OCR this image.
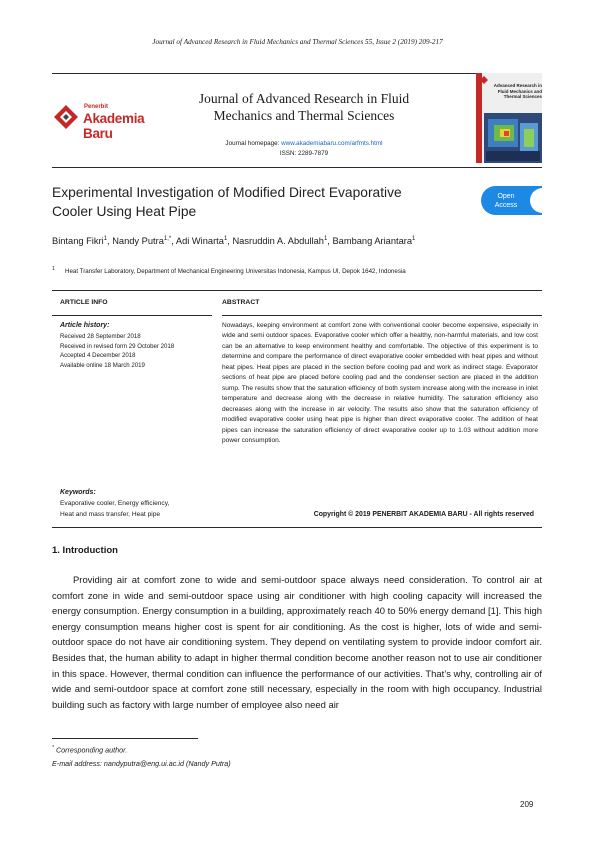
Journal of Advanced Research in Fluid Mechanics and Thermal Sciences 55, Issue 2 (2019) 209-217
Penerbit
Akademia Baru
Journal of Advanced Research in Fluid
Mechanics and Thermal Sciences
Journal homepage: www.akademiabaru.com/arfmts.html
ISSN: 2289-7879
Advanced Research in Fluid Mechanics and Thermal Sciences
Experimental Investigation of Modified Direct Evaporative
Cooler Using Heat Pipe
Open
Access
Bintang Fikri$^1$, Nandy Putra$^{1,*}$, Adi Winarta$^1$, Nasruddin A. Abdullah$^1$, Bambang Ariantara$^1$
$^1$ Heat Transfer Laboratory, Department of Mechanical Engineering Universitas Indonesia, Kampus UI, Depok 1642, Indonesia
ARTICLE INFO	ABSTRACT
Article history:
Received 28 September 2018
Received in revised form 29 October 2018
Accepted 4 December 2018
Available online 18 March 2019
Keywords:
Evaporative cooler, Energy efficiency,
Heat and mass transfer, Heat pipe
Nowadays, keeping environment at comfort zone with conventional cooler become expensive, especially in wide and semi outdoor spaces. Evaporative cooler which offer a healthy, non-harmful materials, and low cost can be an alternative to keep environment healthy and comfortable. The objective of this experiment is to determine and compare the performance of direct evaporative cooler embedded with heat pipes and without heat pipes. Heat pipes are placed in the section before cooling pad and work as indirect stage. Evaporator sections of heat pipe are placed before cooling pad and the condenser section are placed in the addition sump. The results show that the saturation efficiency of both system increase along with the increase in inlet temperature and decrease along with the decrease in relative humidity. The saturation efficiency also decreases along with the increase in air velocity. The results also show that the saturation efficiency of modified evaporative cooler using heat pipe is higher than direct evaporative cooler. The addition of heat pipes can increase the saturation efficiency of direct evaporative cooler up to 1.03 without addition more power consumption.
Copyright © 2019 PENERBIT AKADEMIA BARU - All rights reserved
1. Introduction
Providing air at comfort zone to wide and semi-outdoor space always need consideration. To control air at comfort zone in wide and semi-outdoor space using air conditioner with high cooling capacity will increased the energy consumption. Energy consumption in a building, approximately reach 40 to 50% energy demand [1]. This high energy consumption means higher cost is spent for air conditioning. As the cost is higher, lots of wide and semi-outdoor space do not have air conditioning system. They depend on ventilating system to provide indoor comfort air. Besides that, the human ability to adapt in higher thermal condition become another reason not to use air conditioner in this space. However, thermal condition can influence the performance of our activities. That’s why, controlling air of wide and semi-outdoor space at comfort zone still necessary, especially in the room with high occupancy. Industrial building such as factory with large number of employee also need air
* Corresponding author.
E-mail address: nandyputra@eng.ui.ac.id (Nandy Putra)
209
